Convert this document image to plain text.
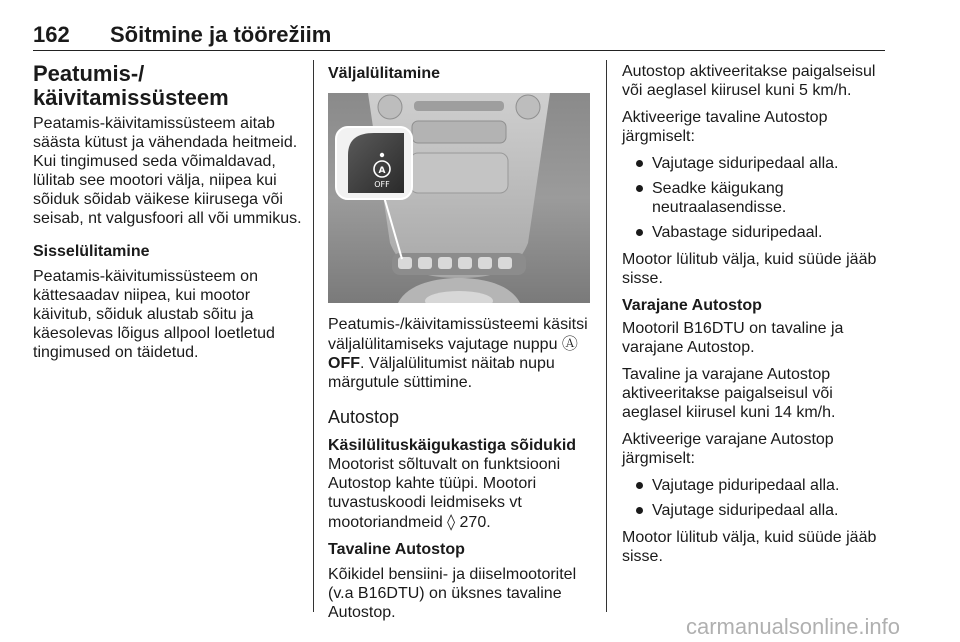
162 Sõitmine ja töörežiim
Peatumis-/
käivitamissüsteem

Peatamis-käivitamissüsteem aitab säästa kütust ja vähendada heitmeid. Kui tingimused seda võimaldavad, lülitab see mootori välja, niipea kui sõiduk sõidab väikese kiirusega või seisab, nt valgusfoori all või ummikus.

Sisselülitamine

Peatamis-käivitumissüsteem on kättesaadav niipea, kui mootor käivitub, sõiduk alustab sõitu ja käesolevas lõigus allpool loetletud tingimused on täidetud.

Väljalülitamine
A
OFF

Peatumis-/käivitamissüsteemi käsitsi väljalülitamiseks vajutage nuppu Ⓐ OFF. Väljalülitumist näitab nupu märgutule süttimine.

Autostop
Käsilülituskäigukastiga sõidukid

Mootorist sõltuvalt on funktsiooni Autostop kahte tüüpi. Mootori tuvastuskoodi leidmiseks vt mootoriandmeid ◊ 270.

Tavaline Autostop

Kõikidel bensiini- ja diiselmootoritel (v.a B16DTU) on üksnes tavaline Autostop.

Autostop aktiveeritakse paigalseisul või aeglasel kiirusel kuni 5 km/h.

Aktiveerige tavaline Autostop järgmiselt:

Vajutage siduripedaal alla.
Seadke käigukang neutraalasendisse.
Vabastage siduripedaal.

Mootor lülitub välja, kuid süüde jääb sisse.

Varajane Autostop

Mootoril B16DTU on tavaline ja varajane Autostop.

Tavaline ja varajane Autostop aktiveeritakse paigalseisul või aeglasel kiirusel kuni 14 km/h.

Aktiveerige varajane Autostop järgmiselt:

Vajutage piduripedaal alla.
Vajutage siduripedaal alla.

Mootor lülitub välja, kuid süüde jääb sisse.

carmanualsonline.info
